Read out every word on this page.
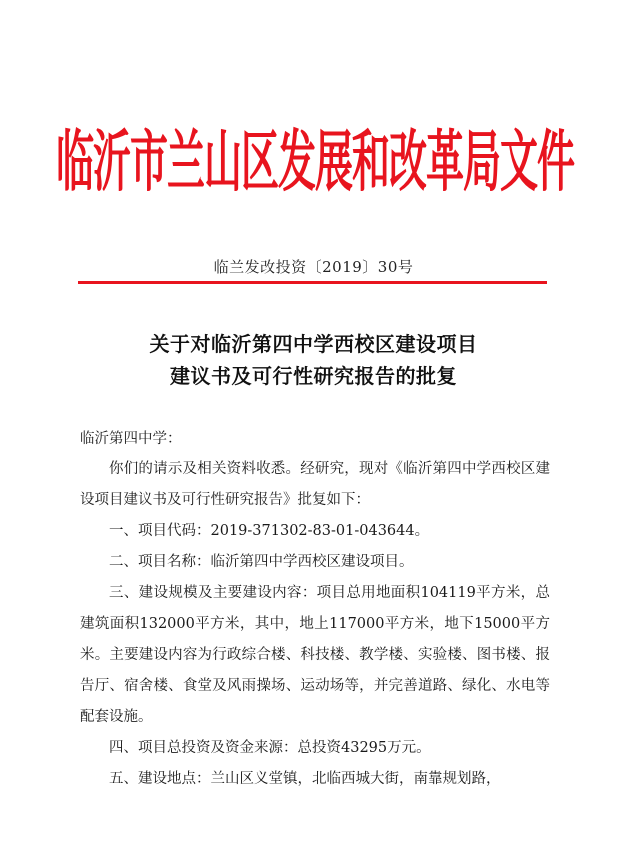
临沂市兰山区发展和改革局文件
临兰发改投资〔2019〕30号
关于对临沂第四中学西校区建设项目
建议书及可行性研究报告的批复
临沂第四中学：

你们的请示及相关资料收悉。经研究，现对《临沂第四中学西校区建设项目建议书及可行性研究报告》批复如下：

一、项目代码：2019-371302-83-01-043644。

二、项目名称：临沂第四中学西校区建设项目。

三、建设规模及主要建设内容：项目总用地面积104119平方米，总建筑面积132000平方米，其中，地上117000平方米，地下15000平方米。主要建设内容为行政综合楼、科技楼、教学楼、实验楼、图书楼、报告厅、宿舍楼、食堂及风雨操场、运动场等，并完善道路、绿化、水电等配套设施。

四、项目总投资及资金来源：总投资43295万元。

五、建设地点：兰山区义堂镇，北临西城大街，南靠规划路，
